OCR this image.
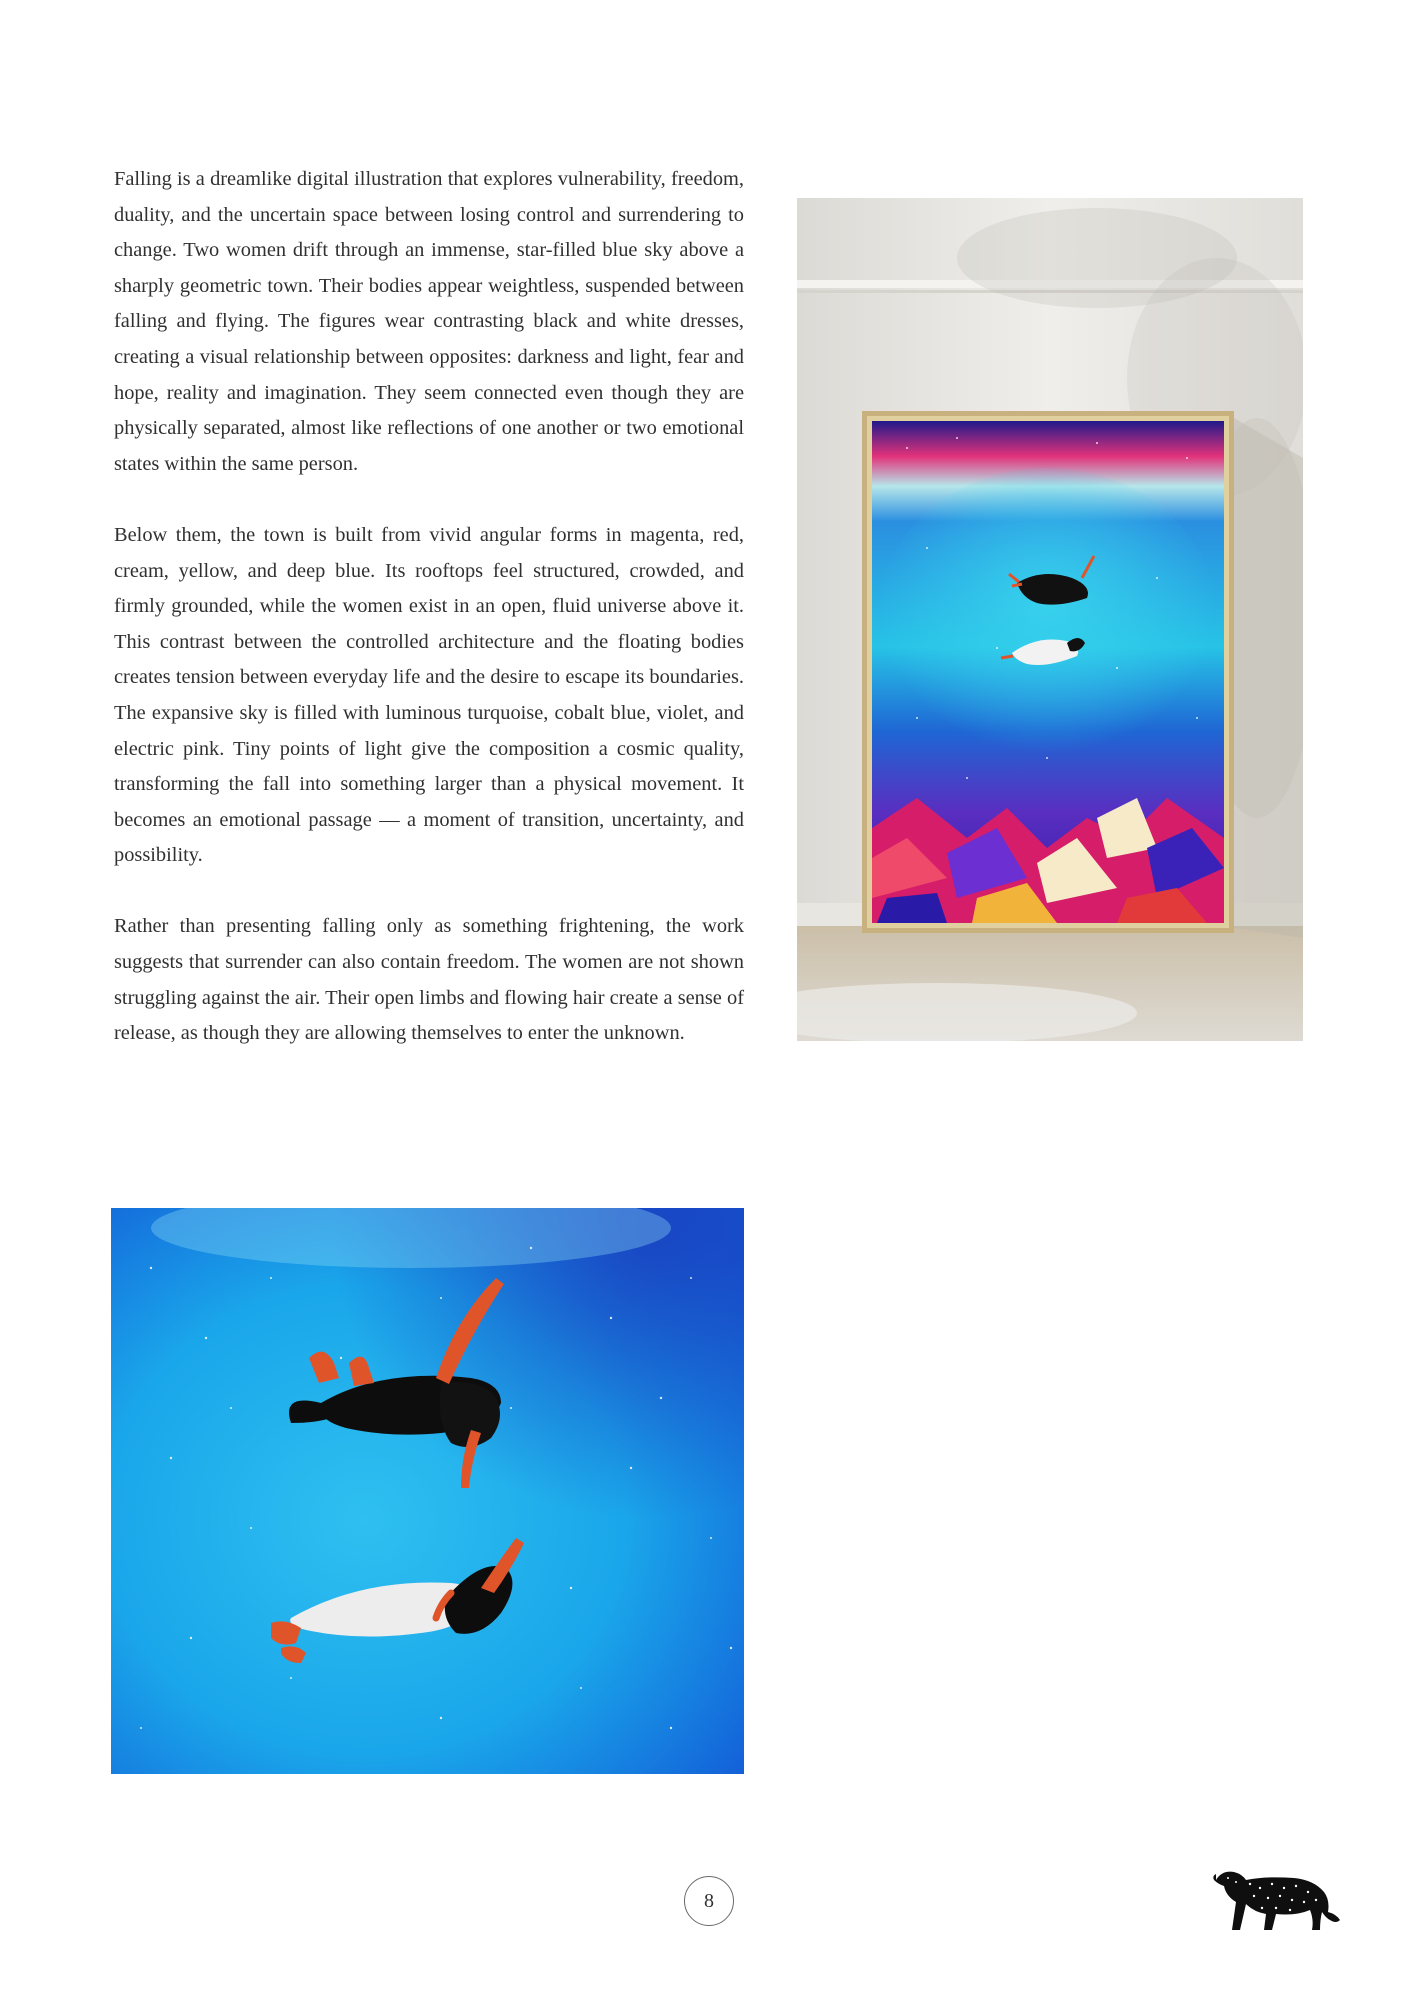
Falling is a dreamlike digital illustration that explores vulnerability, freedom, duality, and the uncertain space between losing control and surrendering to change. Two women drift through an immense, star-filled blue sky above a sharply geometric town. Their bodies appear weightless, suspended between falling and flying. The figures wear contrasting black and white dresses, creating a visual relationship between opposites: darkness and light, fear and hope, reality and imagination. They seem connected even though they are physically separated, almost like reflections of one another or two emotional states within the same person.

Below them, the town is built from vivid angular forms in magenta, red, cream, yellow, and deep blue. Its rooftops feel structured, crowded, and firmly grounded, while the women exist in an open, fluid universe above it. This contrast between the controlled architecture and the floating bodies creates tension between everyday life and the desire to escape its boundaries. The expansive sky is filled with luminous turquoise, cobalt blue, violet, and electric pink. Tiny points of light give the composition a cosmic quality, transforming the fall into something larger than a physical movement. It becomes an emotional passage — a moment of transition, uncertainty, and possibility.

Rather than presenting falling only as something frightening, the work suggests that surrender can also contain freedom. The women are not shown struggling against the air. Their open limbs and flowing hair create a sense of release, as though they are allowing themselves to enter the unknown.

8
